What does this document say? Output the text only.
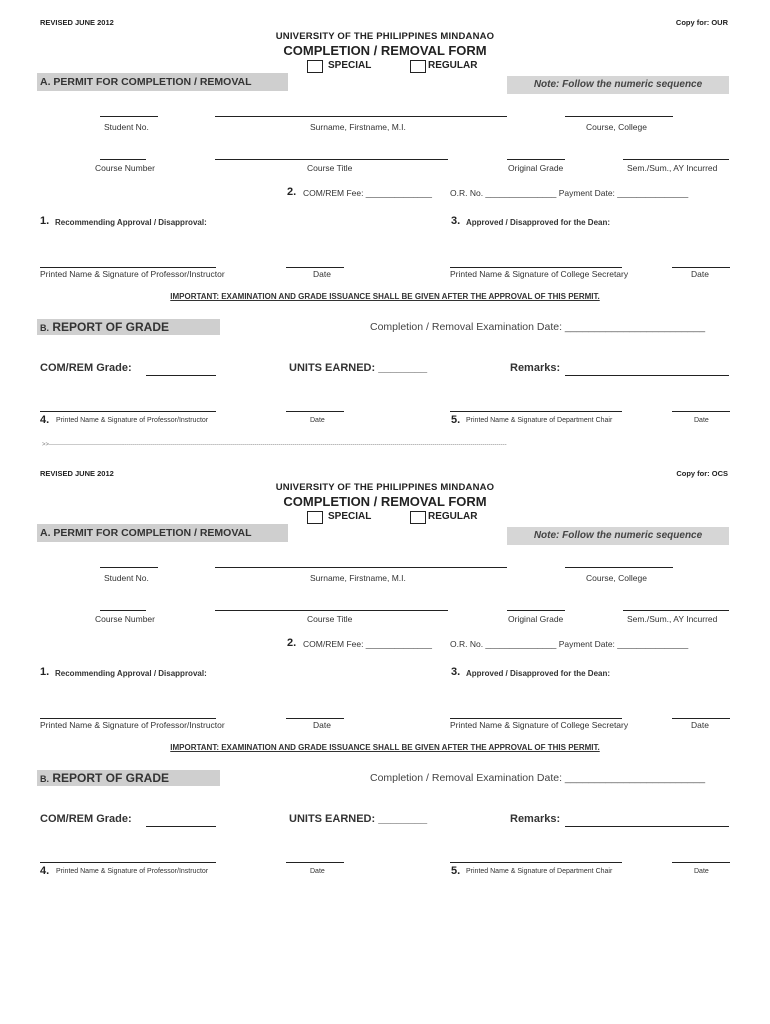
REVISED JUNE 2012	Copy for: OUR
UNIVERSITY OF THE PHILIPPINES MINDANAO
COMPLETION / REMOVAL FORM
SPECIAL	REGULAR
A. PERMIT FOR COMPLETION / REMOVAL	Note: Follow the numeric sequence
Student No.	Surname, Firstname, M.I.	Course, College
Course Number	Course Title	Original Grade	Sem./Sum., AY Incurred
2. COM/REM Fee: ______________ O.R. No. _______________ Payment Date: _______________
1. Recommending Approval / Disapproval:	3. Approved / Disapproved for the Dean:
Printed Name & Signature of Professor/Instructor	Date	Printed Name & Signature of College Secretary	Date
IMPORTANT: EXAMINATION AND GRADE ISSUANCE SHALL BE GIVEN AFTER THE APPROVAL OF THIS PERMIT.
B. REPORT OF GRADE	Completion / Removal Examination Date: ________________________
COM/REM Grade:	UNITS EARNED: ________	Remarks:
4. Printed Name & Signature of Professor/Instructor	Date	5. Printed Name & Signature of Department Chair	Date
REVISED JUNE 2012	Copy for: OCS
UNIVERSITY OF THE PHILIPPINES MINDANAO
COMPLETION / REMOVAL FORM
SPECIAL	REGULAR
A. PERMIT FOR COMPLETION / REMOVAL	Note: Follow the numeric sequence
Student No.	Surname, Firstname, M.I.	Course, College
Course Number	Course Title	Original Grade	Sem./Sum., AY Incurred
2. COM/REM Fee: ______________ O.R. No. _______________ Payment Date: _______________
1. Recommending Approval / Disapproval:	3. Approved / Disapproved for the Dean:
Printed Name & Signature of Professor/Instructor	Date	Printed Name & Signature of College Secretary	Date
IMPORTANT: EXAMINATION AND GRADE ISSUANCE SHALL BE GIVEN AFTER THE APPROVAL OF THIS PERMIT.
B. REPORT OF GRADE	Completion / Removal Examination Date: ________________________
COM/REM Grade:	UNITS EARNED: ________	Remarks:
4. Printed Name & Signature of Professor/Instructor	Date	5. Printed Name & Signature of Department Chair	Date
>>-------------------------------------------------------------------------------------------------------------------------------------------------------------------------------------------------------------------------------------
